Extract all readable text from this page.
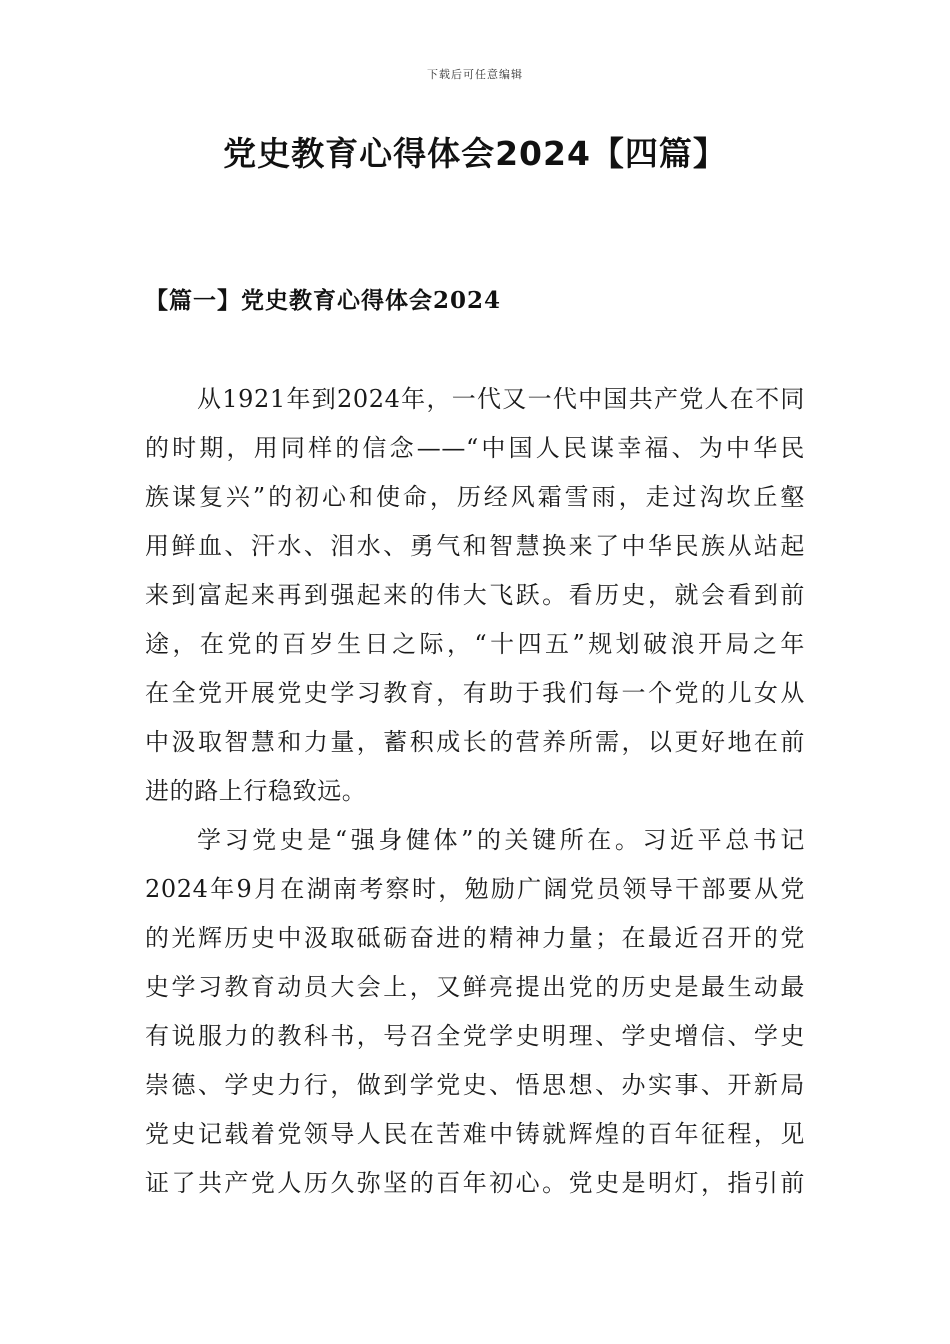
下载后可任意编辑
党史教育心得体会2024【四篇】
【篇一】党史教育心得体会2024
从1921年到2024年，一代又一代中国共产党人在不同
的时期，用同样的信念——“中国人民谋幸福、为中华民
族谋复兴”的初心和使命，历经风霜雪雨，走过沟坎丘壑
用鲜血、汗水、泪水、勇气和智慧换来了中华民族从站起
来到富起来再到强起来的伟大飞跃。看历史，就会看到前
途，在党的百岁生日之际，“十四五”规划破浪开局之年
在全党开展党史学习教育，有助于我们每一个党的儿女从
中汲取智慧和力量，蓄积成长的营养所需，以更好地在前
进的路上行稳致远。
学习党史是“强身健体”的关键所在。习近平总书记
2024年9月在湖南考察时，勉励广阔党员领导干部要从党
的光辉历史中汲取砥砺奋进的精神力量；在最近召开的党
史学习教育动员大会上，又鲜亮提出党的历史是最生动最
有说服力的教科书，号召全党学史明理、学史增信、学史
崇德、学史力行，做到学党史、悟思想、办实事、开新局
党史记载着党领导人民在苦难中铸就辉煌的百年征程，见
证了共产党人历久弥坚的百年初心。党史是明灯，指引前
